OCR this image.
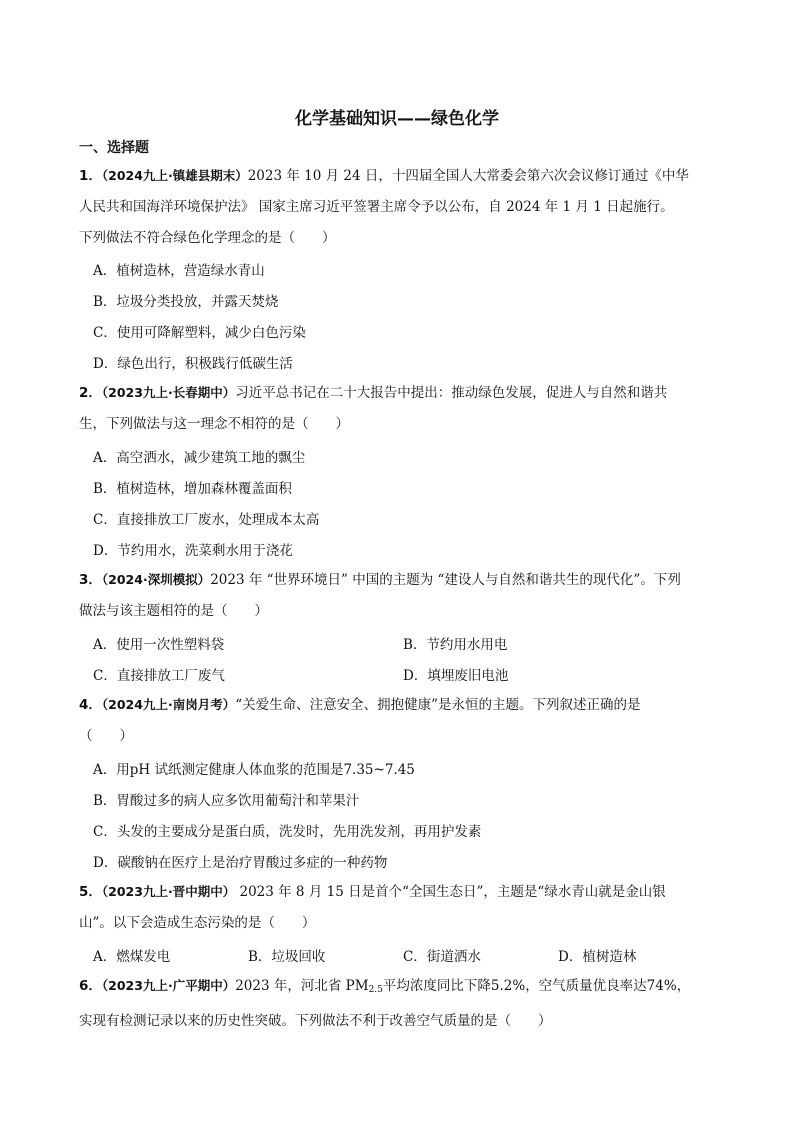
化学基础知识——绿色化学
一、选择题
1．（2024九上·镇雄县期末）2023 年 10 月 24 日，十四届全国人大常委会第六次会议修订通过《中华
人民共和国海洋环境保护法》 国家主席习近平签署主席令予以公布，自 2024 年 1 月 1 日起施行。
下列做法不符合绿色化学理念的是（　　）
A．植树造林，营造绿水青山
B．垃圾分类投放，并露天焚烧
C．使用可降解塑料，减少白色污染
D．绿色出行，积极践行低碳生活
2．（2023九上·长春期中）习近平总书记在二十大报告中提出：推动绿色发展，促进人与自然和谐共
生，下列做法与这一理念不相符的是（　　）
A．高空洒水，减少建筑工地的飘尘
B．植树造林，增加森林覆盖面积
C．直接排放工厂废水，处理成本太高
D．节约用水，洗菜剩水用于浇花
3．（2024·深圳模拟）2023 年 “世界环境日” 中国的主题为 “建设人与自然和谐共生的现代化”。下列
做法与该主题相符的是（　　）
A．使用一次性塑料袋	B．节约用水用电
C．直接排放工厂废气	D．填埋废旧电池
4．（2024九上·南岗月考）“关爱生命、注意安全、拥抱健康”是永恒的主题。下列叙述正确的是
（　　）
A．用pH 试纸测定健康人体血浆的范围是7.35~7.45
B．胃酸过多的病人应多饮用葡萄汁和苹果汁
C．头发的主要成分是蛋白质，洗发时，先用洗发剂，再用护发素
D．碳酸钠在医疗上是治疗胃酸过多症的一种药物
5．（2023九上·晋中期中） 2023 年 8 月 15 日是首个“全国生态日”，主题是“绿水青山就是金山银
山”。以下会造成生态污染的是（　　）
A．燃煤发电	B．垃圾回收	C．街道洒水	D．植树造林
6．（2023九上·广平期中）2023 年，河北省 $PM_{2.5}$平均浓度同比下降5.2%，空气质量优良率达74%，
实现有检测记录以来的历史性突破。下列做法不利于改善空气质量的是（　　）
